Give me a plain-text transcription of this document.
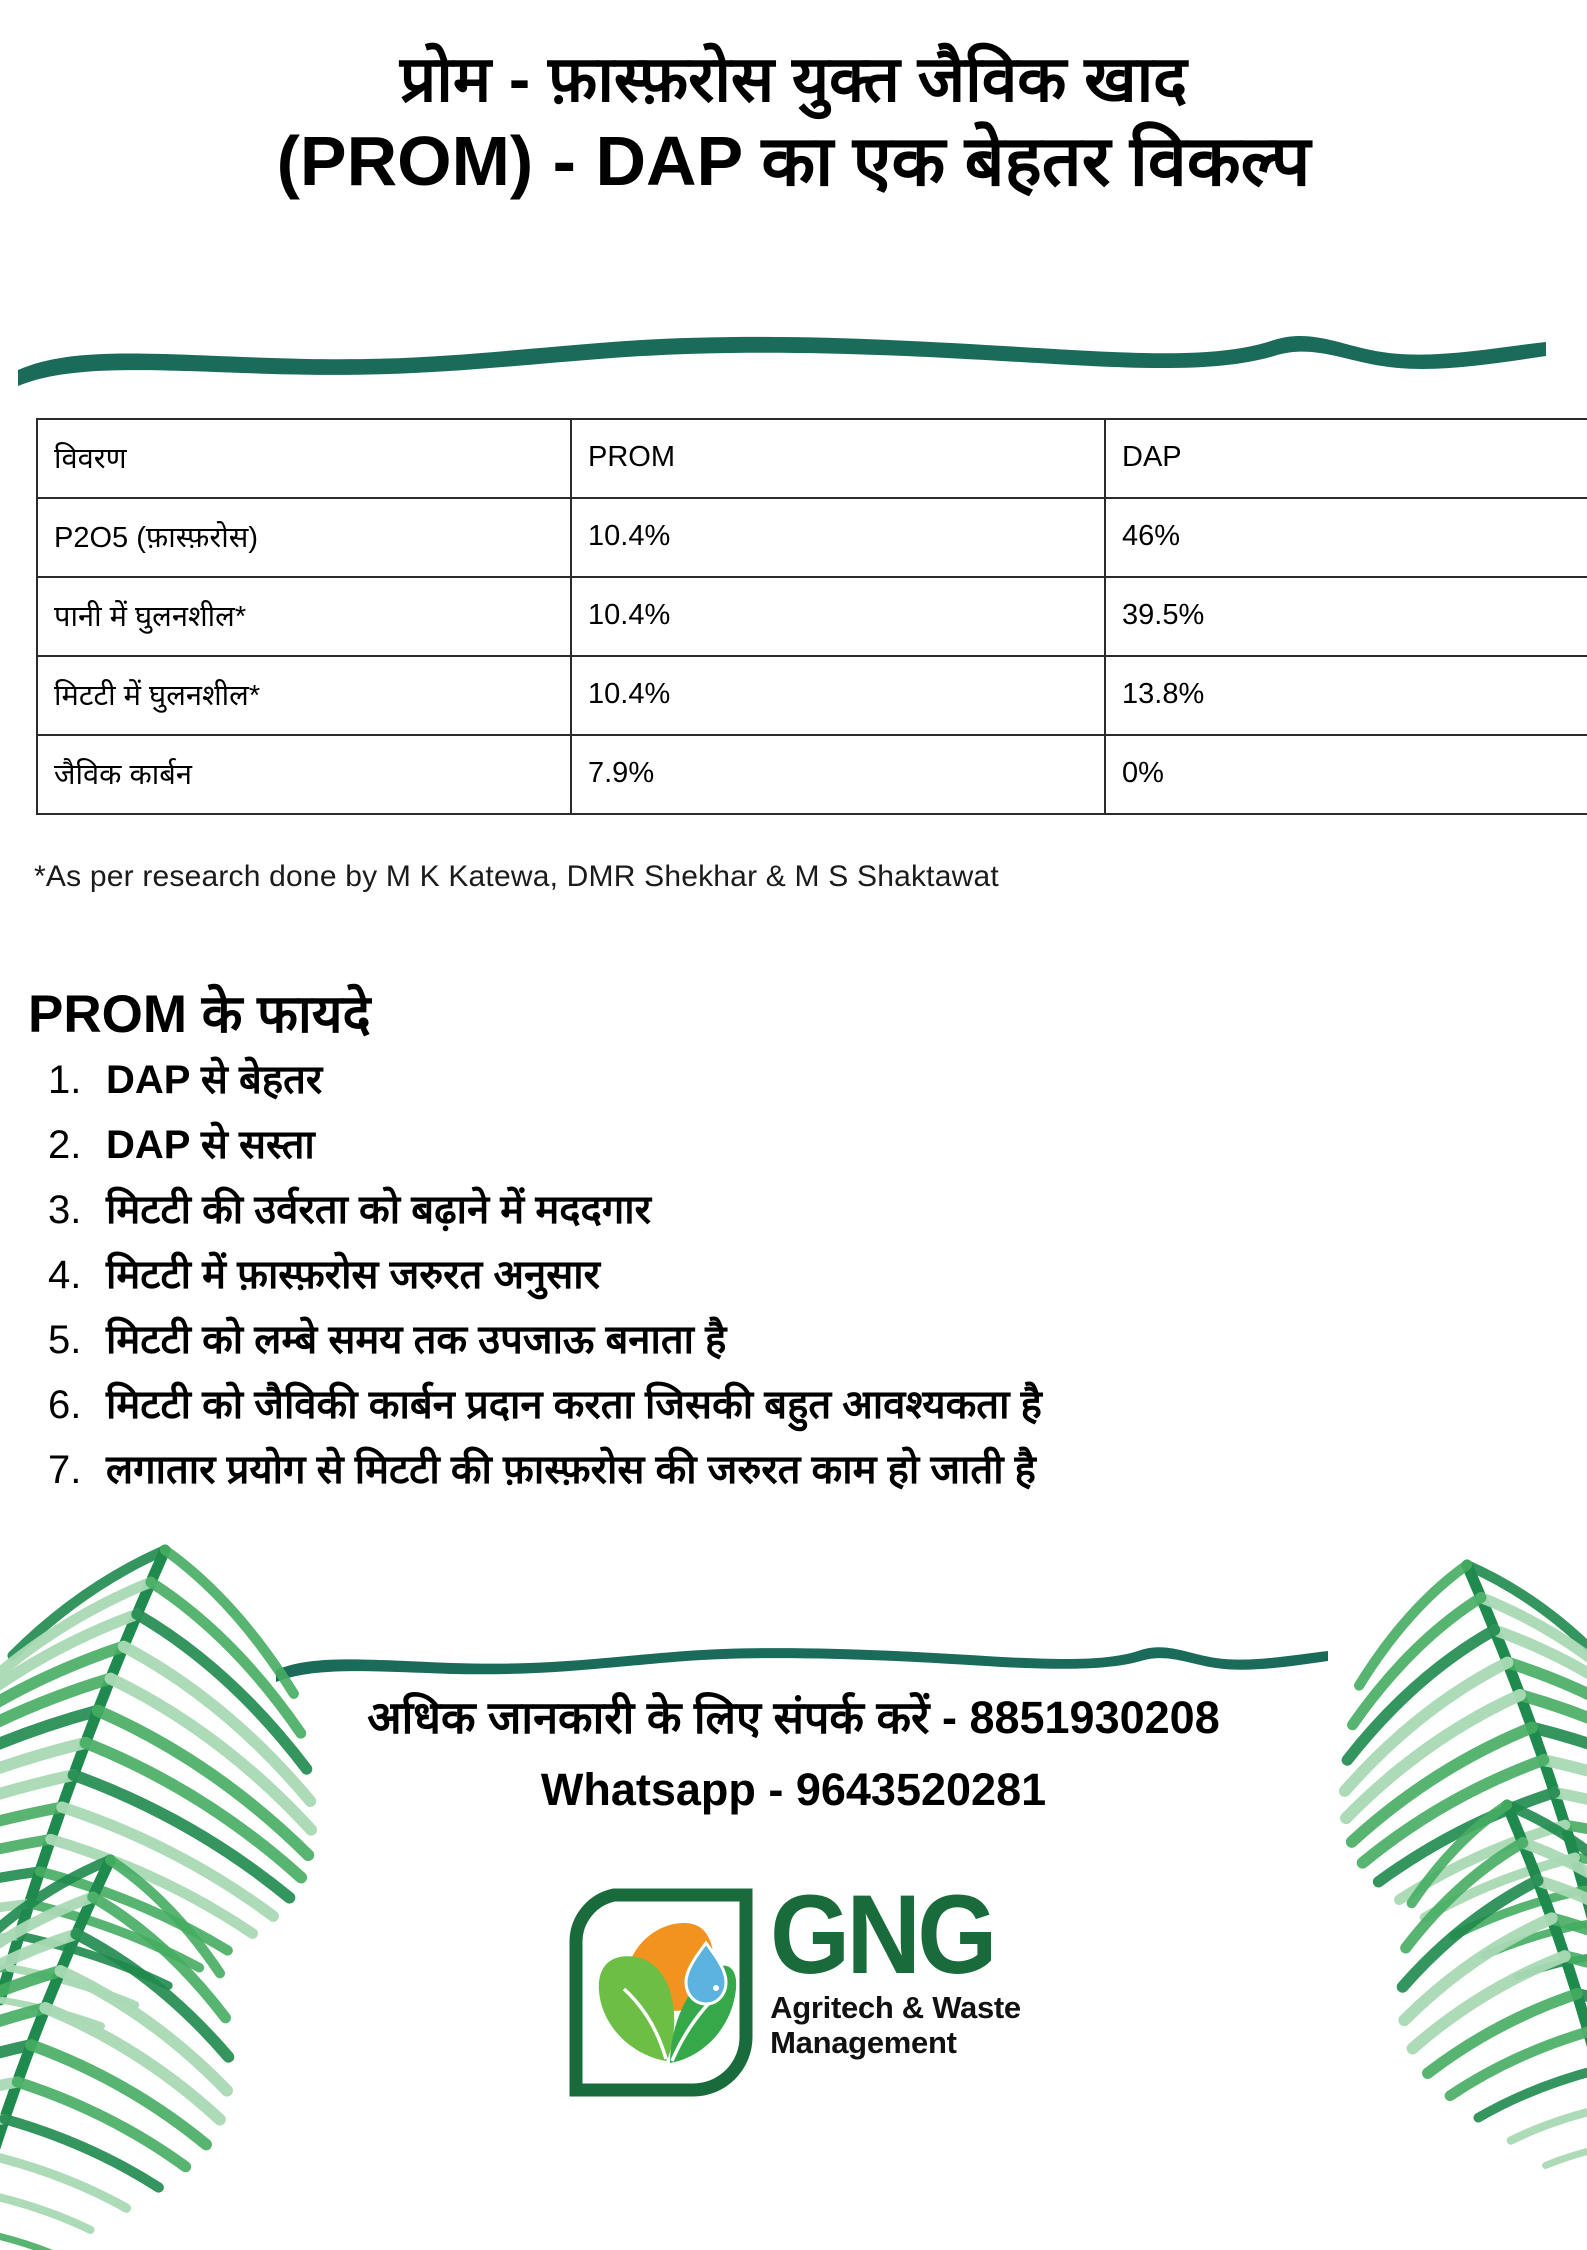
प्रोम - फ़ास्फ़रोस युक्त जैविक खाद
(PROM) - DAP का एक बेहतर विकल्प
विवरण	PROM	DAP
P2O5 (फ़ास्फ़रोस)	10.4%	46%
पानी में घुलनशील*	10.4%	39.5%
मिटटी में घुलनशील*	10.4%	13.8%
जैविक कार्बन	7.9%	0%
*As per research done by M K Katewa, DMR Shekhar & M S Shaktawat
PROM के फायदे
DAP से बेहतर
DAP से सस्ता
मिटटी की उर्वरता को बढ़ाने में मददगार
मिटटी में फ़ास्फ़रोस जरुरत अनुसार
मिटटी को लम्बे समय तक उपजाऊ बनाता है
मिटटी को जैविकी कार्बन प्रदान करता जिसकी बहुत आवश्यकता है
लगातार प्रयोग से मिटटी की फ़ास्फ़रोस की जरुरत काम हो जाती है
अधिक जानकारी के लिए संपर्क करें - 8851930208
Whatsapp - 9643520281
GNG
Agritech & Waste
Management
